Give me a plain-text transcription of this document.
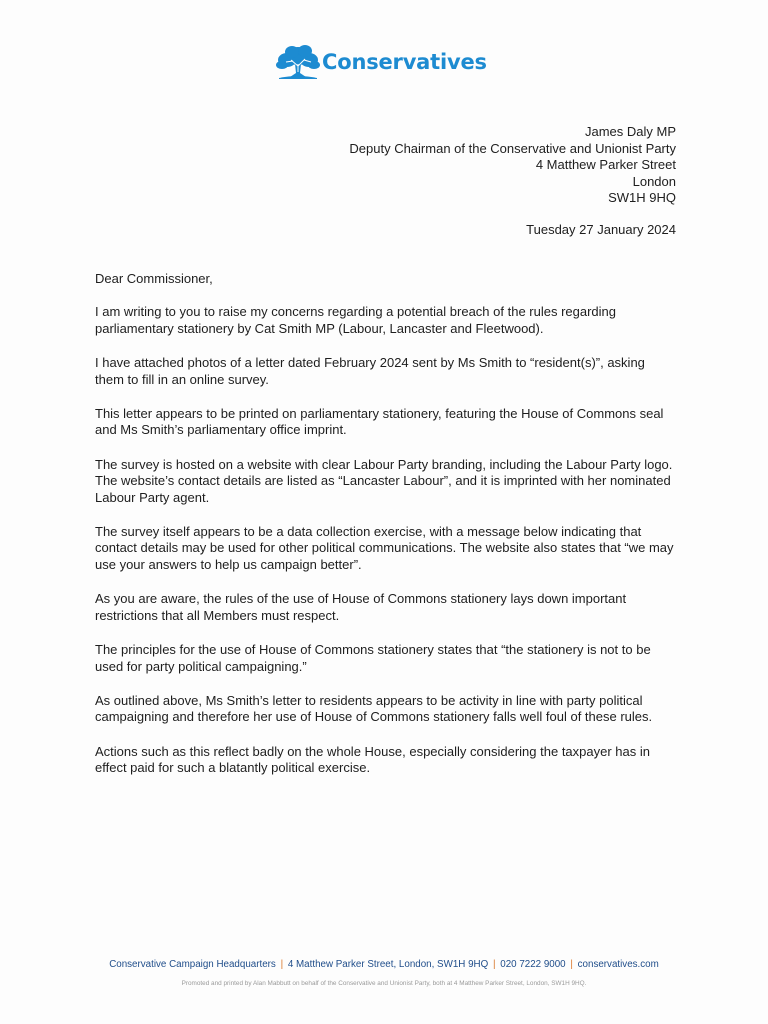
Conservatives
James Daly MP
Deputy Chairman of the Conservative and Unionist Party
4 Matthew Parker Street
London
SW1H 9HQ
Tuesday 27 January 2024

Dear Commissioner,

I am writing to you to raise my concerns regarding a potential breach of the rules regarding parliamentary stationery by Cat Smith MP (Labour, Lancaster and Fleetwood).

I have attached photos of a letter dated February 2024 sent by Ms Smith to “resident(s)”, asking them to fill in an online survey.

This letter appears to be printed on parliamentary stationery, featuring the House of Commons seal and Ms Smith’s parliamentary office imprint.

The survey is hosted on a website with clear Labour Party branding, including the Labour Party logo. The website’s contact details are listed as “Lancaster Labour”, and it is imprinted with her nominated Labour Party agent.

The survey itself appears to be a data collection exercise, with a message below indicating that contact details may be used for other political communications. The website also states that “we may use your answers to help us campaign better”.

As you are aware, the rules of the use of House of Commons stationery lays down important restrictions that all Members must respect.

The principles for the use of House of Commons stationery states that “the stationery is not to be used for party political campaigning.”

As outlined above, Ms Smith’s letter to residents appears to be activity in line with party political campaigning and therefore her use of House of Commons stationery falls well foul of these rules.

Actions such as this reflect badly on the whole House, especially considering the taxpayer has in effect paid for such a blatantly political exercise.

Conservative Campaign Headquarters | 4 Matthew Parker Street, London, SW1H 9HQ | 020 7222 9000 | conservatives.com
Promoted and printed by Alan Mabbutt on behalf of the Conservative and Unionist Party, both at 4 Matthew Parker Street, London, SW1H 9HQ.
